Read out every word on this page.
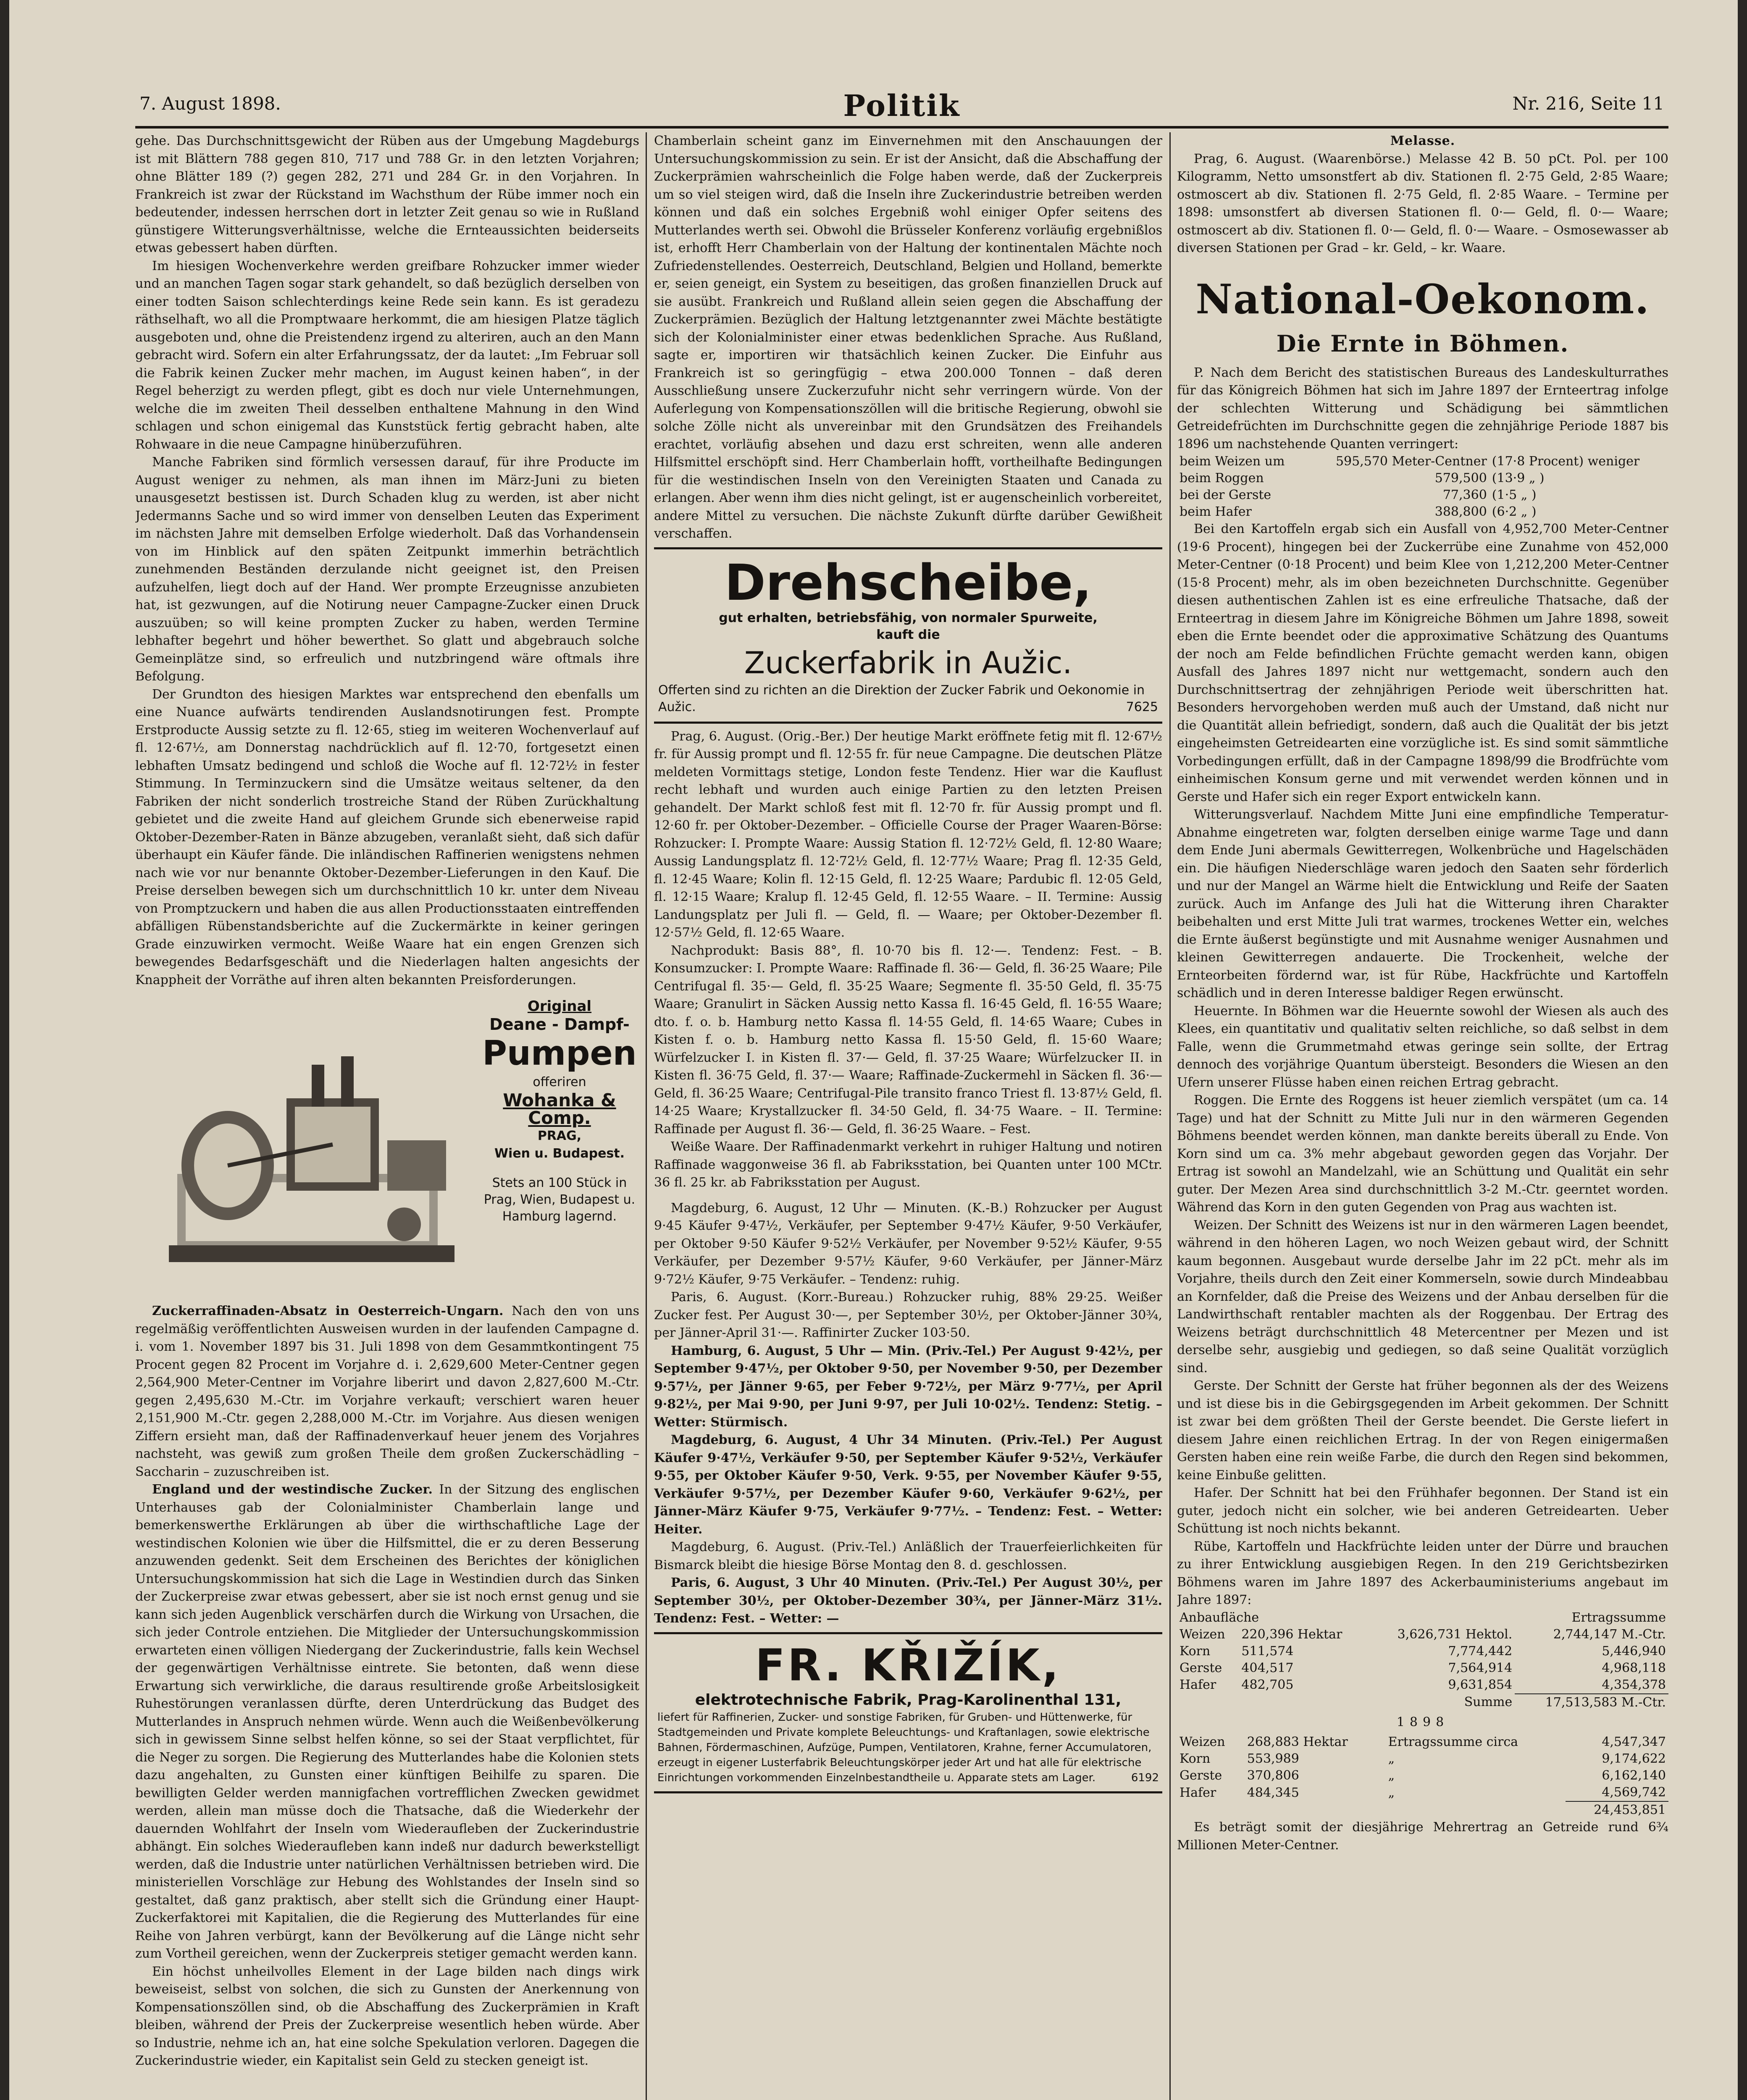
7. August 1898.	Politik	Nr. 216, Seite 11

gehe. Das Durchschnittsgewicht der Rüben aus der Umgebung Magdeburgs ist mit Blättern 788 gegen 810, 717 und 788 Gr. in den letzten Vorjahren; ohne Blätter 189 (?) gegen 282, 271 und 284 Gr. in den Vorjahren. In Frankreich ist zwar der Rückstand im Wachsthum der Rübe immer noch ein bedeutender, indessen herrschen dort in letzter Zeit genau so wie in Rußland günstigere Witterungsverhältnisse, welche die Ernteaussichten beiderseits etwas gebessert haben dürften.

Im hiesigen Wochenverkehre werden greifbare Rohzucker immer wieder und an manchen Tagen sogar stark gehandelt, so daß bezüglich derselben von einer todten Saison schlechterdings keine Rede sein kann. Es ist geradezu räthselhaft, wo all die Promptwaare herkommt, die am hiesigen Platze täglich ausgeboten und, ohne die Preistendenz irgend zu alteriren, auch an den Mann gebracht wird. Sofern ein alter Erfahrungssatz, der da lautet: „Im Februar soll die Fabrik keinen Zucker mehr machen, im August keinen haben“, in der Regel beherzigt zu werden pflegt, gibt es doch nur viele Unternehmungen, welche die im zweiten Theil desselben enthaltene Mahnung in den Wind schlagen und schon einigemal das Kunststück fertig gebracht haben, alte Rohwaare in die neue Campagne hinüberzuführen.

Manche Fabriken sind förmlich versessen darauf, für ihre Producte im August weniger zu nehmen, als man ihnen im März-Juni zu bieten unausgesetzt bestissen ist. Durch Schaden klug zu werden, ist aber nicht Jedermanns Sache und so wird immer von denselben Leuten das Experiment im nächsten Jahre mit demselben Erfolge wiederholt. Daß das Vorhandensein von im Hinblick auf den späten Zeitpunkt immerhin beträchtlich zunehmenden Beständen derzulande nicht geeignet ist, den Preisen aufzuhelfen, liegt doch auf der Hand. Wer prompte Erzeugnisse anzubieten hat, ist gezwungen, auf die Notirung neuer Campagne-Zucker einen Druck auszuüben; so will keine prompten Zucker zu haben, werden Termine lebhafter begehrt und höher bewerthet. So glatt und abgebrauch solche Gemeinplätze sind, so erfreulich und nutzbringend wäre oftmals ihre Befolgung.

Der Grundton des hiesigen Marktes war entsprechend den ebenfalls um eine Nuance aufwärts tendirenden Auslandsnotirungen fest. Prompte Erstproducte Aussig setzte zu fl. 12·65, stieg im weiteren Wochenverlauf auf fl. 12·67½, am Donnerstag nachdrücklich auf fl. 12·70, fortgesetzt einen lebhaften Umsatz bedingend und schloß die Woche auf fl. 12·72½ in fester Stimmung. In Terminzuckern sind die Umsätze weitaus seltener, da den Fabriken der nicht sonderlich trostreiche Stand der Rüben Zurückhaltung gebietet und die zweite Hand auf gleichem Grunde sich ebenerweise rapid Oktober-Dezember-Raten in Bänze abzugeben, veranlaßt sieht, daß sich dafür überhaupt ein Käufer fände. Die inländischen Raffinerien wenigstens nehmen nach wie vor nur benannte Oktober-Dezember-Lieferungen in den Kauf. Die Preise derselben bewegen sich um durchschnittlich 10 kr. unter dem Niveau von Promptzuckern und haben die aus allen Productionsstaaten eintreffenden abfälligen Rübenstandsberichte auf die Zuckermärkte in keiner geringen Grade einzuwirken vermocht. Weiße Waare hat ein engen Grenzen sich bewegendes Bedarfsgeschäft und die Niederlagen halten angesichts der Knappheit der Vorräthe auf ihren alten bekannten Preisforderungen.

Original
Deane - Dampf-
Pumpen
offeriren
Wohanka & Comp.
PRAG,
Wien u. Budapest.
Stets an 100 Stück in Prag, Wien, Budapest u. Hamburg lagernd.

Zuckerraffinaden-Absatz in Oesterreich-Ungarn. Nach den von uns regelmäßig veröffentlichten Ausweisen wurden in der laufenden Campagne d. i. vom 1. November 1897 bis 31. Juli 1898 von dem Gesammtkontingent 75 Procent gegen 82 Procent im Vorjahre d. i. 2,629,600 Meter-Centner gegen 2,564,900 Meter-Centner im Vorjahre liberirt und davon 2,827,600 M.-Ctr. gegen 2,495,630 M.-Ctr. im Vorjahre verkauft; verschiert waren heuer 2,151,900 M.-Ctr. gegen 2,288,000 M.-Ctr. im Vorjahre. Aus diesen wenigen Ziffern ersieht man, daß der Raffinadenverkauf heuer jenem des Vorjahres nachsteht, was gewiß zum großen Theile dem großen Zuckerschädling – Saccharin – zuzuschreiben ist.

England und der westindische Zucker. In der Sitzung des englischen Unterhauses gab der Colonialminister Chamberlain lange und bemerkenswerthe Erklärungen ab über die wirthschaftliche Lage der westindischen Kolonien wie über die Hilfsmittel, die er zu deren Besserung anzuwenden gedenkt. Seit dem Erscheinen des Berichtes der königlichen Untersuchungskommission hat sich die Lage in Westindien durch das Sinken der Zuckerpreise zwar etwas gebessert, aber sie ist noch ernst genug und sie kann sich jeden Augenblick verschärfen durch die Wirkung von Ursachen, die sich jeder Controle entziehen. Die Mitglieder der Untersuchungskommission erwarteten einen völligen Niedergang der Zuckerindustrie, falls kein Wechsel der gegenwärtigen Verhältnisse eintrete. Sie betonten, daß wenn diese Erwartung sich verwirkliche, die daraus resultirende große Arbeitslosigkeit Ruhestörungen veranlassen dürfte, deren Unterdrückung das Budget des Mutterlandes in Anspruch nehmen würde. Wenn auch die Weißenbevölkerung sich in gewissem Sinne selbst helfen könne, so sei der Staat verpflichtet, für die Neger zu sorgen. Die Regierung des Mutterlandes habe die Kolonien stets dazu angehalten, zu Gunsten einer künftigen Beihilfe zu sparen. Die bewilligten Gelder werden mannigfachen vortrefflichen Zwecken gewidmet werden, allein man müsse doch die Thatsache, daß die Wiederkehr der dauernden Wohlfahrt der Inseln vom Wiederaufleben der Zuckerindustrie abhängt. Ein solches Wiederaufleben kann indeß nur dadurch bewerkstelligt werden, daß die Industrie unter natürlichen Verhältnissen betrieben wird. Die ministeriellen Vorschläge zur Hebung des Wohlstandes der Inseln sind so gestaltet, daß ganz praktisch, aber stellt sich die Gründung einer Haupt-Zuckerfaktorei mit Kapitalien, die die Regierung des Mutterlandes für eine Reihe von Jahren verbürgt, kann der Bevölkerung auf die Länge nicht sehr zum Vortheil gereichen, wenn der Zuckerpreis stetiger gemacht werden kann.

Ein höchst unheilvolles Element in der Lage bilden nach dings wirk beweiseist, selbst von solchen, die sich zu Gunsten der Anerkennung von Kompensationszöllen sind, ob die Abschaffung des Zuckerprämien in Kraft bleiben, während der Preis der Zuckerpreise wesentlich heben würde. Aber so Industrie, nehme ich an, hat eine solche Spekulation verloren. Dagegen die Zuckerindustrie wieder, ein Kapitalist sein Geld zu stecken geneigt ist.

Chamberlain scheint ganz im Einvernehmen mit den Anschauungen der Untersuchungskommission zu sein. Er ist der Ansicht, daß die Abschaffung der Zuckerprämien wahrscheinlich die Folge haben werde, daß der Zuckerpreis um so viel steigen wird, daß die Inseln ihre Zuckerindustrie betreiben werden können und daß ein solches Ergebniß wohl einiger Opfer seitens des Mutterlandes werth sei. Obwohl die Brüsseler Konferenz vorläufig ergebnißlos ist, erhofft Herr Chamberlain von der Haltung der kontinentalen Mächte noch Zufriedenstellendes. Oesterreich, Deutschland, Belgien und Holland, bemerkte er, seien geneigt, ein System zu beseitigen, das großen finanziellen Druck auf sie ausübt. Frankreich und Rußland allein seien gegen die Abschaffung der Zuckerprämien. Bezüglich der Haltung letztgenannter zwei Mächte bestätigte sich der Kolonialminister einer etwas bedenklichen Sprache. Aus Rußland, sagte er, importiren wir thatsächlich keinen Zucker. Die Einfuhr aus Frankreich ist so geringfügig – etwa 200.000 Tonnen – daß deren Ausschließung unsere Zuckerzufuhr nicht sehr verringern würde. Von der Auferlegung von Kompensationszöllen will die britische Regierung, obwohl sie solche Zölle nicht als unvereinbar mit den Grundsätzen des Freihandels erachtet, vorläufig absehen und dazu erst schreiten, wenn alle anderen Hilfsmittel erschöpft sind. Herr Chamberlain hofft, vortheilhafte Bedingungen für die westindischen Inseln von den Vereinigten Staaten und Canada zu erlangen. Aber wenn ihm dies nicht gelingt, ist er augenscheinlich vorbereitet, andere Mittel zu versuchen. Die nächste Zukunft dürfte darüber Gewißheit verschaffen.

Drehscheibe,
gut erhalten, betriebsfähig, von normaler Spurweite,
kauft die
Zuckerfabrik in Aužic.
Offerten sind zu richten an die Direktion der Zucker Fabrik und Oekonomie in Aužic.	7625

Prag, 6. August. (Orig.-Ber.) Der heutige Markt eröffnete fetig mit fl. 12·67½ fr. für Aussig prompt und fl. 12·55 fr. für neue Campagne. Die deutschen Plätze meldeten Vormittags stetige, London feste Tendenz. Hier war die Kauflust recht lebhaft und wurden auch einige Partien zu den letzten Preisen gehandelt. Der Markt schloß fest mit fl. 12·70 fr. für Aussig prompt und fl. 12·60 fr. per Oktober-Dezember. – Officielle Course der Prager Waaren-Börse: Rohzucker: I. Prompte Waare: Aussig Station fl. 12·72½ Geld, fl. 12·80 Waare; Aussig Landungsplatz fl. 12·72½ Geld, fl. 12·77½ Waare; Prag fl. 12·35 Geld, fl. 12·45 Waare; Kolin fl. 12·15 Geld, fl. 12·25 Waare; Pardubic fl. 12·05 Geld, fl. 12·15 Waare; Kralup fl. 12·45 Geld, fl. 12·55 Waare. – II. Termine: Aussig Landungsplatz per Juli fl. — Geld, fl. — Waare; per Oktober-Dezember fl. 12·57½ Geld, fl. 12·65 Waare.

Nachprodukt: Basis 88°, fl. 10·70 bis fl. 12·—. Tendenz: Fest. – B. Konsumzucker: I. Prompte Waare: Raffinade fl. 36·— Geld, fl. 36·25 Waare; Pile Centrifugal fl. 35·— Geld, fl. 35·25 Waare; Segmente fl. 35·50 Geld, fl. 35·75 Waare; Granulirt in Säcken Aussig netto Kassa fl. 16·45 Geld, fl. 16·55 Waare; dto. f. o. b. Hamburg netto Kassa fl. 14·55 Geld, fl. 14·65 Waare; Cubes in Kisten f. o. b. Hamburg netto Kassa fl. 15·50 Geld, fl. 15·60 Waare; Würfelzucker I. in Kisten fl. 37·— Geld, fl. 37·25 Waare; Würfelzucker II. in Kisten fl. 36·75 Geld, fl. 37·— Waare; Raffinade-Zuckermehl in Säcken fl. 36·— Geld, fl. 36·25 Waare; Centrifugal-Pile transito franco Triest fl. 13·87½ Geld, fl. 14·25 Waare; Krystallzucker fl. 34·50 Geld, fl. 34·75 Waare. – II. Termine: Raffinade per August fl. 36·— Geld, fl. 36·25 Waare. – Fest.

Weiße Waare. Der Raffinadenmarkt verkehrt in ruhiger Haltung und notiren Raffinade waggonweise 36 fl. ab Fabriksstation, bei Quanten unter 100 MCtr. 36 fl. 25 kr. ab Fabriksstation per August.

Magdeburg, 6. August, 12 Uhr — Minuten. (K.-B.) Rohzucker per August 9·45 Käufer 9·47½, Verkäufer, per September 9·47½ Käufer, 9·50 Verkäufer, per Oktober 9·50 Käufer 9·52½ Verkäufer, per November 9·52½ Käufer, 9·55 Verkäufer, per Dezember 9·57½ Käufer, 9·60 Verkäufer, per Jänner-März 9·72½ Käufer, 9·75 Verkäufer. – Tendenz: ruhig.

Paris, 6. August. (Korr.-Bureau.) Rohzucker ruhig, 88% 29·25. Weißer Zucker fest. Per August 30·—, per September 30½, per Oktober-Jänner 30¾, per Jänner-April 31·—. Raffinirter Zucker 103·50.

Hamburg, 6. August, 5 Uhr — Min. (Priv.-Tel.) Per August 9·42½, per September 9·47½, per Oktober 9·50, per November 9·50, per Dezember 9·57½, per Jänner 9·65, per Feber 9·72½, per März 9·77½, per April 9·82½, per Mai 9·90, per Juni 9·97, per Juli 10·02½. Tendenz: Stetig. – Wetter: Stürmisch.

Magdeburg, 6. August, 4 Uhr 34 Minuten. (Priv.-Tel.) Per August Käufer 9·47½, Verkäufer 9·50, per September Käufer 9·52½, Verkäufer 9·55, per Oktober Käufer 9·50, Verk. 9·55, per November Käufer 9·55, Verkäufer 9·57½, per Dezember Käufer 9·60, Verkäufer 9·62½, per Jänner-März Käufer 9·75, Verkäufer 9·77½. – Tendenz: Fest. – Wetter: Heiter.

Magdeburg, 6. August. (Priv.-Tel.) Anläßlich der Trauerfeierlichkeiten für Bismarck bleibt die hiesige Börse Montag den 8. d. geschlossen.

Paris, 6. August, 3 Uhr 40 Minuten. (Priv.-Tel.) Per August 30½, per September 30½, per Oktober-Dezember 30¾, per Jänner-März 31½. Tendenz: Fest. – Wetter: —

FR. KŘIŽÍK,
elektrotechnische Fabrik, Prag-Karolinenthal 131,
liefert für Raffinerien, Zucker- und sonstige Fabriken, für Gruben- und Hüttenwerke, für Stadtgemeinden und Private komplete Beleuchtungs- und Kraftanlagen, sowie elektrische Bahnen, Fördermaschinen, Aufzüge, Pumpen, Ventilatoren, Krahne, ferner Accumulatoren, erzeugt in eigener Lusterfabrik Beleuchtungskörper jeder Art und hat alle für elektrische Einrichtungen vorkommenden Einzelnbestandtheile u. Apparate stets am Lager.	6192
Melasse.

Prag, 6. August. (Waarenbörse.) Melasse 42 B. 50 pCt. Pol. per 100 Kilogramm, Netto umsonstfert ab div. Stationen fl. 2·75 Geld, 2·85 Waare; ostmoscert ab div. Stationen fl. 2·75 Geld, fl. 2·85 Waare. – Termine per 1898: umsonstfert ab diversen Stationen fl. 0·— Geld, fl. 0·— Waare; ostmoscert ab div. Stationen fl. 0·— Geld, fl. 0·— Waare. – Osmosewasser ab diversen Stationen per Grad – kr. Geld, – kr. Waare.

National-Oekonom.
Die Ernte in Böhmen.

P. Nach dem Bericht des statistischen Bureaus des Landeskulturrathes für das Königreich Böhmen hat sich im Jahre 1897 der Ernteertrag infolge der schlechten Witterung und Schädigung bei sämmtlichen Getreidefrüchten im Durchschnitte gegen die zehnjährige Periode 1887 bis 1896 um nachstehende Quanten verringert:

beim Weizen um	595,570 Meter-Centner	(17·8 Procent) weniger
beim Roggen	579,500	(13·9 „ )
bei der Gerste	77,360	(1·5 „ )
beim Hafer	388,800	(6·2 „ )

Bei den Kartoffeln ergab sich ein Ausfall von 4,952,700 Meter-Centner (19·6 Procent), hingegen bei der Zuckerrübe eine Zunahme von 452,000 Meter-Centner (0·18 Procent) und beim Klee von 1,212,200 Meter-Centner (15·8 Procent) mehr, als im oben bezeichneten Durchschnitte. Gegenüber diesen authentischen Zahlen ist es eine erfreuliche Thatsache, daß der Ernteertrag in diesem Jahre im Königreiche Böhmen um Jahre 1898, soweit eben die Ernte beendet oder die approximative Schätzung des Quantums der noch am Felde befindlichen Früchte gemacht werden kann, obigen Ausfall des Jahres 1897 nicht nur wettgemacht, sondern auch den Durchschnittsertrag der zehnjährigen Periode weit überschritten hat. Besonders hervorgehoben werden muß auch der Umstand, daß nicht nur die Quantität allein befriedigt, sondern, daß auch die Qualität der bis jetzt eingeheimsten Getreidearten eine vorzügliche ist. Es sind somit sämmtliche Vorbedingungen erfüllt, daß in der Campagne 1898/99 die Brodfrüchte vom einheimischen Konsum gerne und mit verwendet werden können und in Gerste und Hafer sich ein reger Export entwickeln kann.

Witterungsverlauf. Nachdem Mitte Juni eine empfindliche Temperatur-Abnahme eingetreten war, folgten derselben einige warme Tage und dann dem Ende Juni abermals Gewitterregen, Wolkenbrüche und Hagelschäden ein. Die häufigen Niederschläge waren jedoch den Saaten sehr förderlich und nur der Mangel an Wärme hielt die Entwicklung und Reife der Saaten zurück. Auch im Anfange des Juli hat die Witterung ihren Charakter beibehalten und erst Mitte Juli trat warmes, trockenes Wetter ein, welches die Ernte äußerst begünstigte und mit Ausnahme weniger Ausnahmen und kleinen Gewitterregen andauerte. Die Trockenheit, welche der Ernteorbeiten fördernd war, ist für Rübe, Hackfrüchte und Kartoffeln schädlich und in deren Interesse baldiger Regen erwünscht.

Heuernte. In Böhmen war die Heuernte sowohl der Wiesen als auch des Klees, ein quantitativ und qualitativ selten reichliche, so daß selbst in dem Falle, wenn die Grummetmahd etwas geringe sein sollte, der Ertrag dennoch des vorjährige Quantum übersteigt. Besonders die Wiesen an den Ufern unserer Flüsse haben einen reichen Ertrag gebracht.

Roggen. Die Ernte des Roggens ist heuer ziemlich verspätet (um ca. 14 Tage) und hat der Schnitt zu Mitte Juli nur in den wärmeren Gegenden Böhmens beendet werden können, man dankte bereits überall zu Ende. Von Korn sind um ca. 3% mehr abgebaut geworden gegen das Vorjahr. Der Ertrag ist sowohl an Mandelzahl, wie an Schüttung und Qualität ein sehr guter. Der Mezen Area sind durchschnittlich 3-2 M.-Ctr. geerntet worden. Während das Korn in den guten Gegenden von Prag aus wachten ist.

Weizen. Der Schnitt des Weizens ist nur in den wärmeren Lagen beendet, während in den höheren Lagen, wo noch Weizen gebaut wird, der Schnitt kaum begonnen. Ausgebaut wurde derselbe Jahr im 22 pCt. mehr als im Vorjahre, theils durch den Zeit einer Kommerseln, sowie durch Mindeabbau an Kornfelder, daß die Preise des Weizens und der Anbau derselben für die Landwirthschaft rentabler machten als der Roggenbau. Der Ertrag des Weizens beträgt durchschnittlich 48 Metercentner per Mezen und ist derselbe sehr, ausgiebig und gediegen, so daß seine Qualität vorzüglich sind.

Gerste. Der Schnitt der Gerste hat früher begonnen als der des Weizens und ist diese bis in die Gebirgsgegenden im Arbeit gekommen. Der Schnitt ist zwar bei dem größten Theil der Gerste beendet. Die Gerste liefert in diesem Jahre einen reichlichen Ertrag. In der von Regen einigermaßen Gersten haben eine rein weiße Farbe, die durch den Regen sind bekommen, keine Einbuße gelitten.

Hafer. Der Schnitt hat bei den Frühhafer begonnen. Der Stand ist ein guter, jedoch nicht ein solcher, wie bei anderen Getreidearten. Ueber Schüttung ist noch nichts bekannt.

Rübe, Kartoffeln und Hackfrüchte leiden unter der Dürre und brauchen zu ihrer Entwicklung ausgiebigen Regen. In den 219 Gerichtsbezirken Böhmens waren im Jahre 1897 des Ackerbauministeriums angebaut im Jahre 1897:

Anbaufläche		Ertragssumme	
Weizen	220,396 Hektar	3,626,731 Hektol.	2,744,147 M.-Ctr.
Korn	511,574	7,774,442	5,446,940
Gerste	404,517	7,564,914	4,968,118
Hafer	482,705	9,631,854	4,354,378
		Summe	17,513,583 M.-Ctr.
1898
Weizen	268,883 Hektar	Ertragssumme circa	4,547,347
Korn	553,989	„	9,174,622
Gerste	370,806	„	6,162,140
Hafer	484,345	„	4,569,742
			24,453,851

Es beträgt somit der diesjährige Mehrertrag an Getreide rund 6¾ Millionen Meter-Centner.
